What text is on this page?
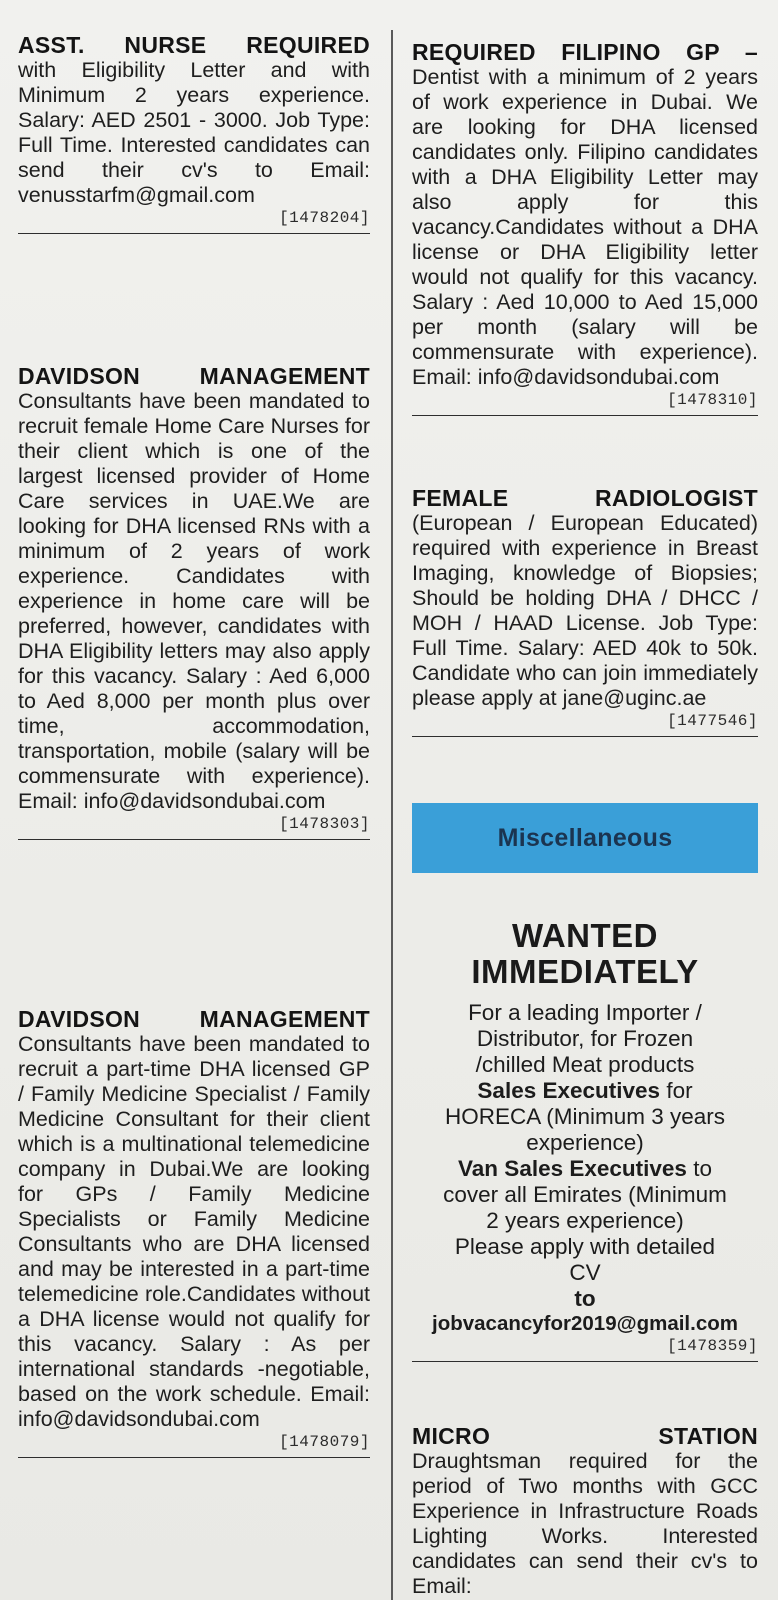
ASST. NURSE REQUIRED
with Eligibility Letter and with Minimum 2 years experience. Salary: AED 2501 - 3000. Job Type: Full Time. Interested candidates can send their cv's to Email: venusstarfm@gmail.com
[1478204]
DAVIDSON MANAGEMENT
Consultants have been mandated to recruit female Home Care Nurses for their client which is one of the largest licensed provider of Home Care services in UAE.We are looking for DHA licensed RNs with a minimum of 2 years of work experience. Candidates with experience in home care will be preferred, however, candidates with DHA Eligibility letters may also apply for this vacancy. Salary : Aed 6,000 to Aed 8,000 per month plus over time, accommodation, transportation, mobile (salary will be commensurate with experience). Email: info@davidsondubai.com
[1478303]
DAVIDSON MANAGEMENT
Consultants have been mandated to recruit a part-time DHA licensed GP / Family Medicine Specialist / Family Medicine Consultant for their client which is a multinational telemedicine company in Dubai.We are looking for GPs / Family Medicine Specialists or Family Medicine Consultants who are DHA licensed and may be interested in a part-time telemedicine role.Candidates without a DHA license would not qualify for this vacancy. Salary : As per international standards -negotiable, based on the work schedule. Email: info@davidsondubai.com
[1478079]
REQUIRED FILIPINO GP –
Dentist with a minimum of 2 years of work experience in Dubai. We are looking for DHA licensed candidates only. Filipino candidates with a DHA Eligibility Letter may also apply for this vacancy.Candidates without a DHA license or DHA Eligibility letter would not qualify for this vacancy. Salary : Aed 10,000 to Aed 15,000 per month (salary will be commensurate with experience). Email: info@davidsondubai.com
[1478310]
FEMALE RADIOLOGIST
(European / European Educated) required with experience in Breast Imaging, knowledge of Biopsies; Should be holding DHA / DHCC / MOH / HAAD License. Job Type: Full Time. Salary: AED 40k to 50k. Candidate who can join immediately please apply at jane@uginc.ae
[1477546]
Miscellaneous
WANTED
IMMEDIATELY
For a leading Importer /
Distributor, for Frozen
/chilled Meat products
Sales Executives for
HORECA (Minimum 3 years
experience)
Van Sales Executives to
cover all Emirates (Minimum
2 years experience)
Please apply with detailed
CV
to
jobvacancyfor2019@gmail.com
[1478359]
MICRO STATION
Draughtsman required for the period of Two months with GCC Experience in Infrastructure Roads Lighting Works. Interested candidates can send their cv's to Email:
